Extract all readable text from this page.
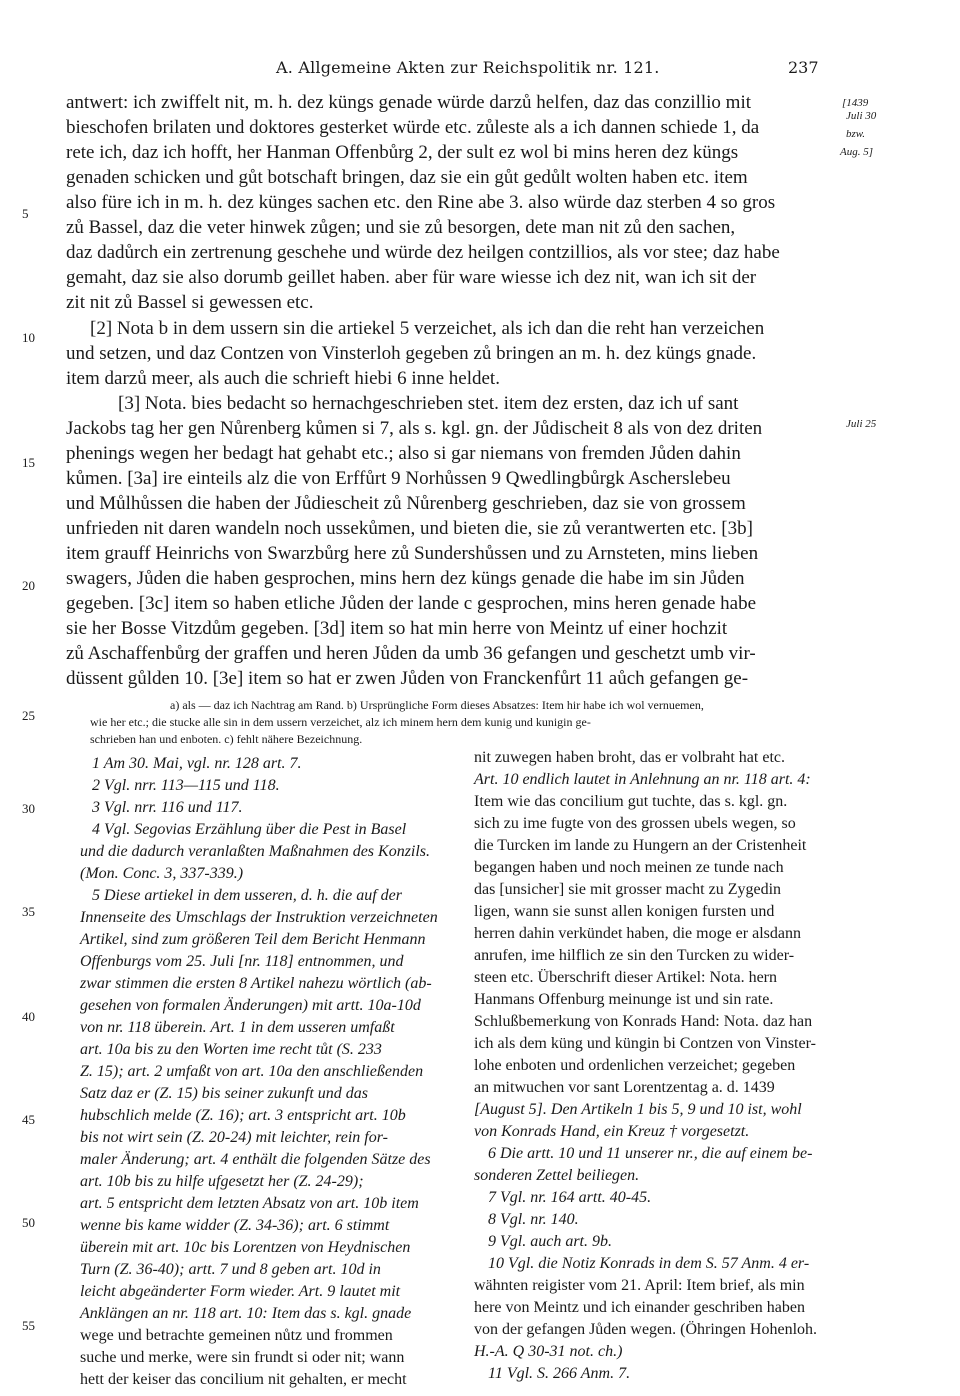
A. Allgemeine Akten zur Reichspolitik nr. 121.	237
[1439
Juli 30
bzw.
Aug. 5]
Juli 25
5
10
15
20
25
30
35
40
45
50
55
antwert: ich zwiffelt nit, m. h. dez küngs genade würde darzů helfen, daz das conzillio mit
bieschofen brilaten und doktores gesterket würde etc. zůleste als a ich dannen schiede 1, da
rete ich, daz ich hofft, her Hanman Offenbůrg 2, der sult ez wol bi mins heren dez küngs
genaden schicken und gůt botschaft bringen, daz sie ein gůt gedůlt wolten haben etc. item
also füre ich in m. h. dez künges sachen etc. den Rine abe 3. also würde daz sterben 4 so gros
zů Bassel, daz die veter hinwek zůgen; und sie zů besorgen, dete man nit zů den sachen,
daz dadůrch ein zertrenung geschehe und würde dez heilgen contzillios, als vor stee; daz habe
gemaht, daz sie also dorumb geillet haben. aber für ware wiesse ich dez nit, wan ich sit der
zit nit zů Bassel si gewessen etc.
[2] Nota b in dem ussern sin die artiekel 5 verzeichet, als ich dan die reht han verzeichen
und setzen, und daz Contzen von Vinsterloh gegeben zů bringen an m. h. dez küngs gnade.
item darzů meer, als auch die schrieft hiebi 6 inne heldet.
[3] Nota. bies bedacht so hernachgeschrieben stet. item dez ersten, daz ich uf sant
Jackobs tag her gen Nůrenberg kůmen si 7, als s. kgl. gn. der Jůdischeit 8 als von dez driten
phenings wegen her bedagt hat gehabt etc.; also si gar niemans von fremden Jůden dahin
kůmen. [3a] ire einteils alz die von Erffůrt 9 Norhůssen 9 Qwedlingbůrgk Ascherslebeu
und Můlhůssen die haben der Jůdiescheit zů Nůrenberg geschrieben, daz sie von grossem
unfrieden nit daren wandeln noch ussekůmen, und bieten die, sie zů verantwerten etc. [3b]
item grauff Heinrichs von Swarzbůrg here zů Sundershůssen und zu Arnsteten, mins lieben
swagers, Jůden die haben gesprochen, mins hern dez küngs genade die habe im sin Jůden
gegeben. [3c] item so haben etliche Jůden der lande c gesprochen, mins heren genade habe
sie her Bosse Vitzdům gegeben. [3d] item so hat min herre von Meintz uf einer hochzit
zů Aschaffenbůrg der graffen und heren Jůden da umb 36 gefangen und geschetzt umb vir-
düssent gůlden 10. [3e] item so hat er zwen Jůden von Franckenfůrt 11 aůch gefangen ge-
a) als — daz ich Nachtrag am Rand. b) Ursprüngliche Form dieses Absatzes: Item hir habe ich wol vernuemen,
wie her etc.; die stucke alle sin in dem ussern verzeichet, alz ich minem hern dem kunig und kunigin ge-
schrieben han und enboten. c) fehlt nähere Bezeichnung.
1 Am 30. Mai, vgl. nr. 128 art. 7.
2 Vgl. nrr. 113—115 und 118.
3 Vgl. nrr. 116 und 117.
4 Vgl. Segovias Erzählung über die Pest in Basel
und die dadurch veranlaßten Maßnahmen des Konzils.
(Mon. Conc. 3, 337-339.)
5 Diese artiekel in dem usseren, d. h. die auf der
Innenseite des Umschlags der Instruktion verzeichneten
Artikel, sind zum größeren Teil dem Bericht Henmann
Offenburgs vom 25. Juli [nr. 118] entnommen, und
zwar stimmen die ersten 8 Artikel nahezu wörtlich (ab-
gesehen von formalen Änderungen) mit artt. 10a-10d
von nr. 118 überein. Art. 1 in dem usseren umfaßt
art. 10a bis zu den Worten ime recht tůt (S. 233
Z. 15); art. 2 umfaßt von art. 10a den anschließenden
Satz daz er (Z. 15) bis seiner zukunft und das
hubschlich melde (Z. 16); art. 3 entspricht art. 10b
bis not wirt sein (Z. 20-24) mit leichter, rein for-
maler Änderung; art. 4 enthält die folgenden Sätze des
art. 10b bis zu hilfe ufgesetzt her (Z. 24-29);
art. 5 entspricht dem letzten Absatz von art. 10b item
wenne bis kame widder (Z. 34-36); art. 6 stimmt
überein mit art. 10c bis Lorentzen von Heydnischen
Turn (Z. 36-40); artt. 7 und 8 geben art. 10d in
leicht abgeänderter Form wieder. Art. 9 lautet mit
Anklängen an nr. 118 art. 10: Item das s. kgl. gnade
wege und betrachte gemeinen nůtz und frommen
suche und merke, were sin frundt si oder nit; wann
hett der keiser das concilium nit gehalten, er mecht
nit zuwegen haben broht, das er volbraht hat etc.
Art. 10 endlich lautet in Anlehnung an nr. 118 art. 4:
Item wie das concilium gut tuchte, das s. kgl. gn.
sich zu ime fugte von des grossen ubels wegen, so
die Turcken im lande zu Hungern an der Cristenheit
begangen haben und noch meinen ze tunde nach
das [unsicher] sie mit grosser macht zu Zygedin
ligen, wann sie sunst allen konigen fursten und
herren dahin verkündet haben, die moge er alsdann
anrufen, ime hilflich ze sin den Turcken zu wider-
steen etc. Überschrift dieser Artikel: Nota. hern
Hanmans Offenburg meinunge ist und sin rate.
Schlußbemerkung von Konrads Hand: Nota. daz han
ich als dem küng und küngin bi Contzen von Vinster-
lohe enboten und ordenlichen verzeichet; gegeben
an mitwuchen vor sant Lorentzentag a. d. 1439
[August 5]. Den Artikeln 1 bis 5, 9 und 10 ist, wohl
von Konrads Hand, ein Kreuz † vorgesetzt.
6 Die artt. 10 und 11 unserer nr., die auf einem be-
sonderen Zettel beiliegen.
7 Vgl. nr. 164 artt. 40-45.
8 Vgl. nr. 140.
9 Vgl. auch art. 9b.
10 Vgl. die Notiz Konrads in dem S. 57 Anm. 4 er-
wähnten reigister vom 21. April: Item brief, als min
here von Meintz und ich einander geschriben haben
von der gefangen Jůden wegen. (Öhringen Hohenloh.
H.-A. Q 30-31 not. ch.)
11 Vgl. S. 266 Anm. 7.
